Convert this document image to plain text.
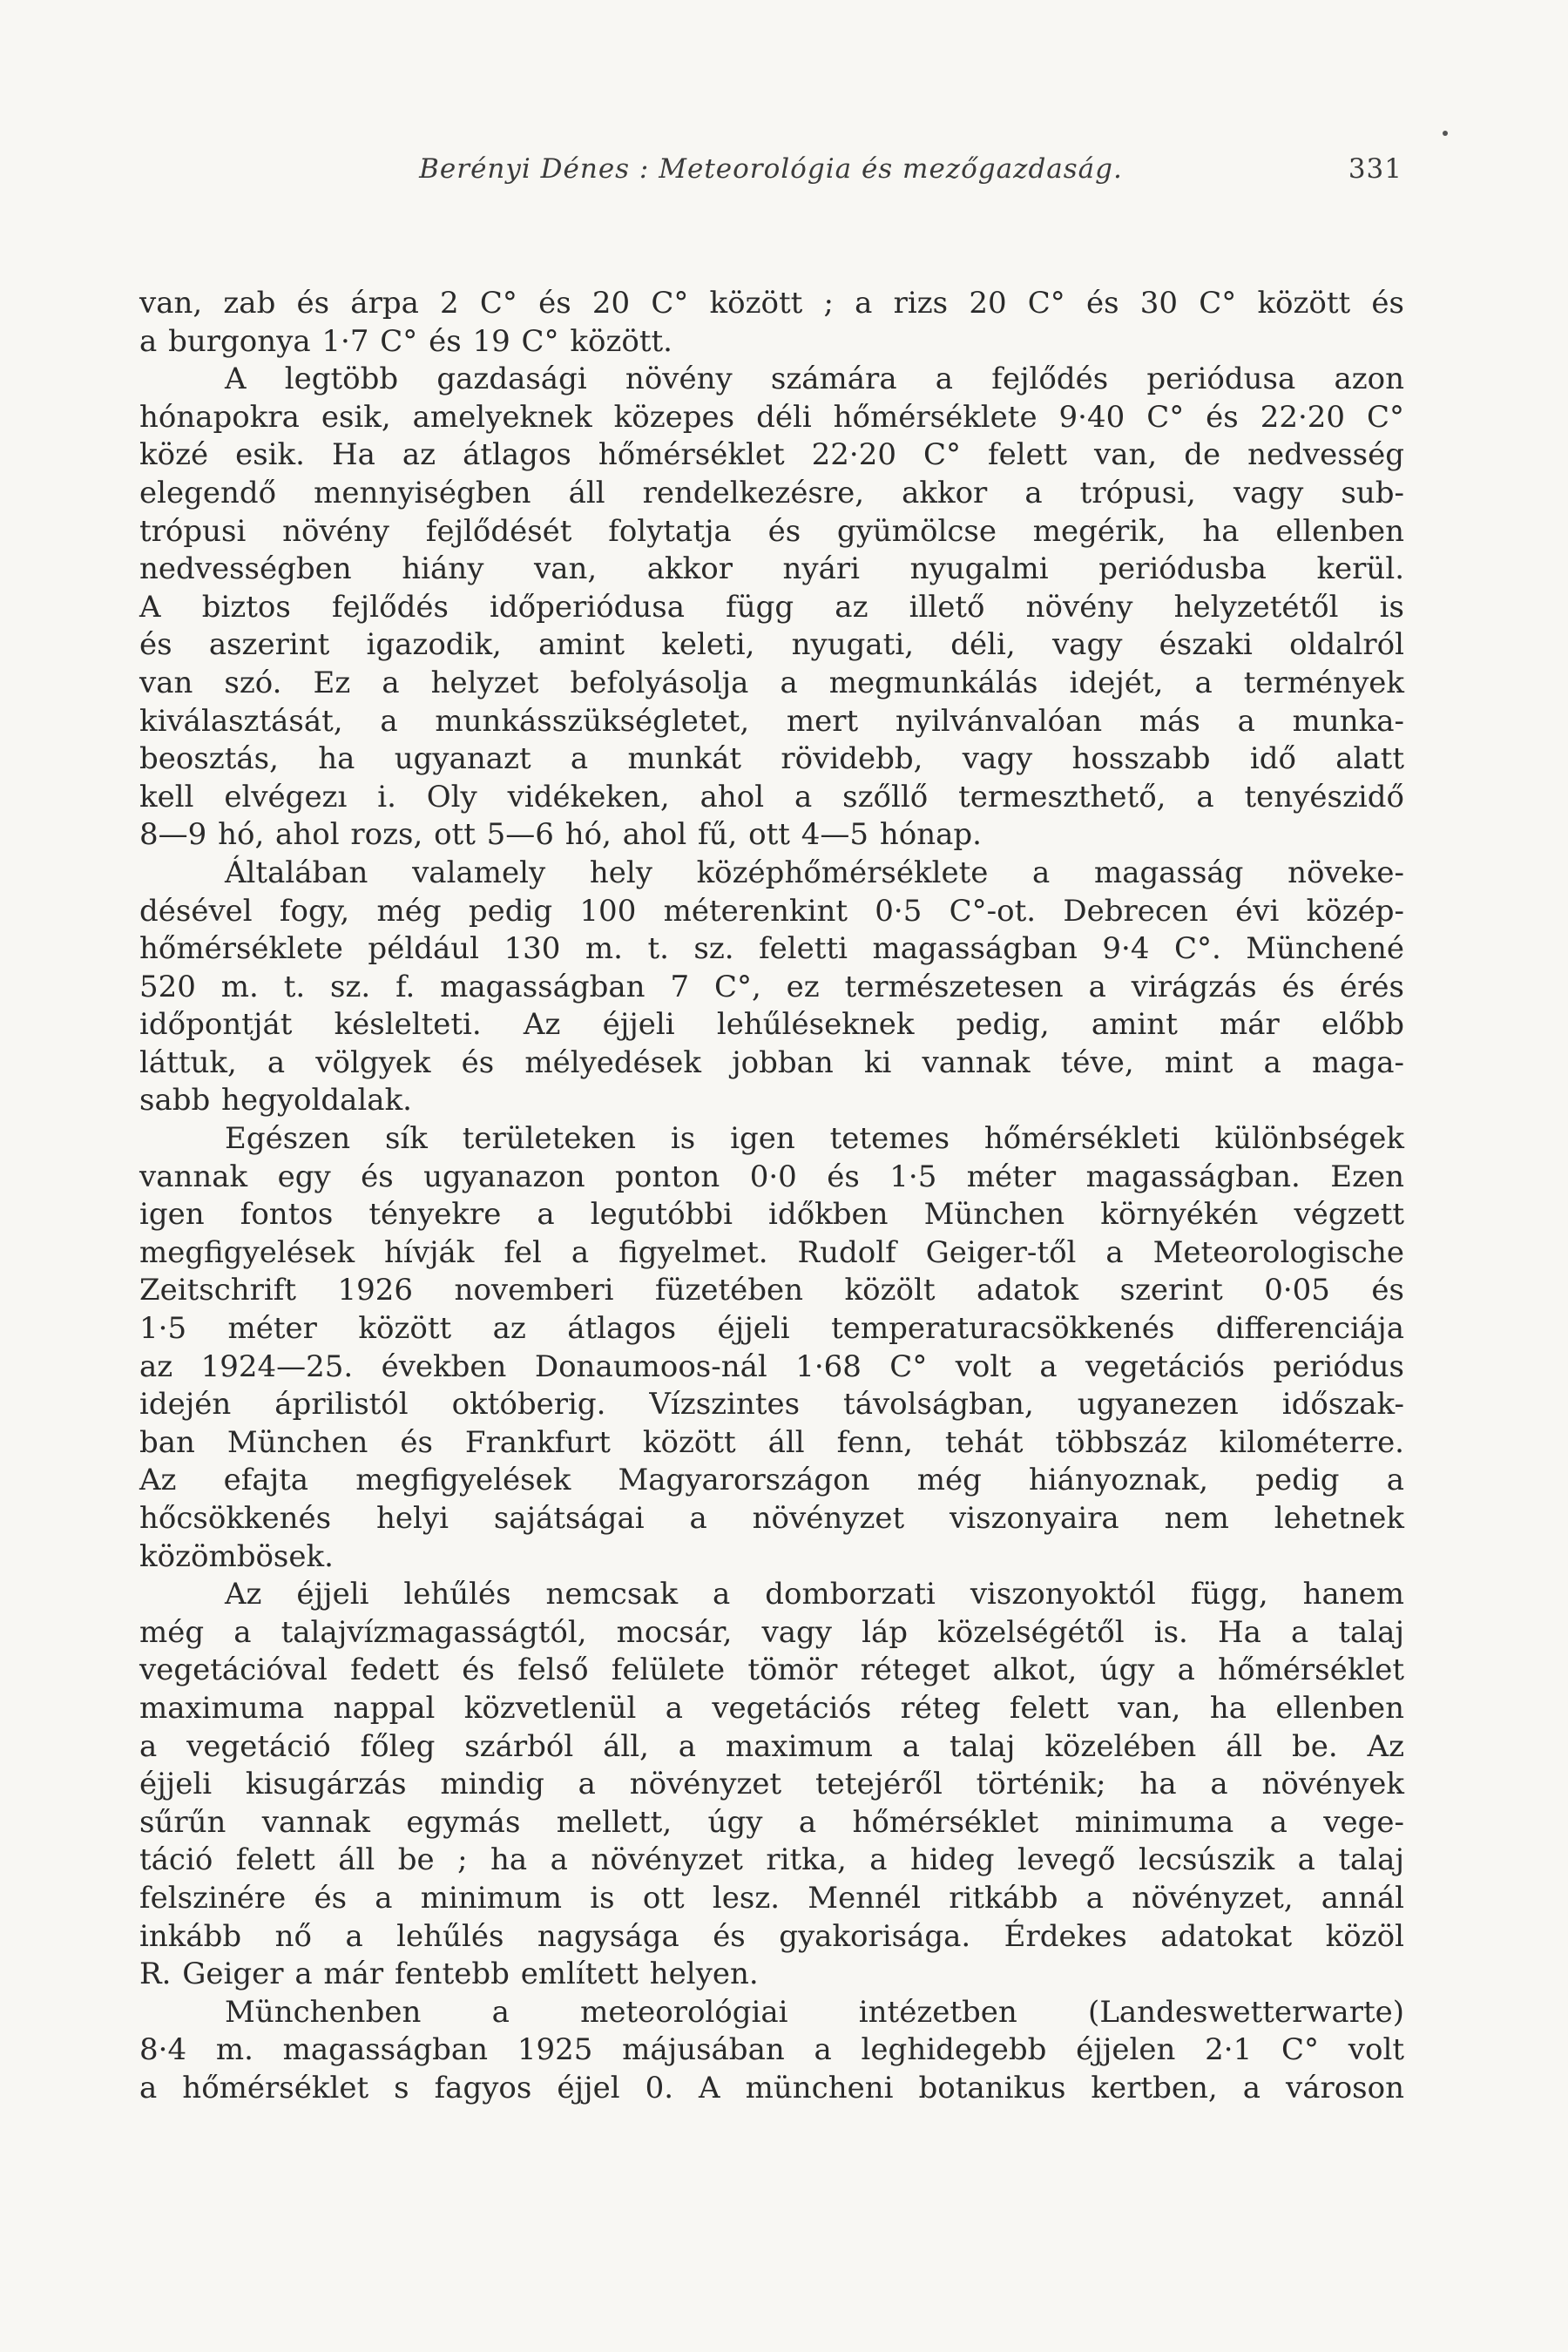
Berényi Dénes : Meteorológia és mezőgazdaság.	331
van, zab és árpa 2 C° és 20 C° között ; a rizs 20 C° és 30 C° között és
a burgonya 1·7 C° és 19 C° között.
A legtöbb gazdasági növény számára a fejlődés periódusa azon
hónapokra esik, amelyeknek közepes déli hőmérséklete 9·40 C° és 22·20 C°
közé esik. Ha az átlagos hőmérséklet 22·20 C° felett van, de nedvesség
elegendő mennyiségben áll rendelkezésre, akkor a trópusi, vagy sub-
trópusi növény fejlődését folytatja és gyümölcse megérik, ha ellenben
nedvességben hiány van, akkor nyári nyugalmi periódusba kerül.
A biztos fejlődés időperiódusa függ az illető növény helyzetétől is
és aszerint igazodik, amint keleti, nyugati, déli, vagy északi oldalról
van szó. Ez a helyzet befolyásolja a megmunkálás idejét, a termények
kiválasztását, a munkásszükségletet, mert nyilvánvalóan más a munka-
beosztás, ha ugyanazt a munkát rövidebb, vagy hosszabb idő alatt
kell elvégezı i. Oly vidékeken, ahol a szőllő termeszthető, a tenyészidő
8—9 hó, ahol rozs, ott 5—6 hó, ahol fű, ott 4—5 hónap.
Általában valamely hely középhőmérséklete a magasság növeke-
désével fogy, még pedig 100 méterenkint 0·5 C°-ot. Debrecen évi közép-
hőmérséklete például 130 m. t. sz. feletti magasságban 9·4 C°. Münchené
520 m. t. sz. f. magasságban 7 C°, ez természetesen a virágzás és érés
időpontját késlelteti. Az éjjeli lehűléseknek pedig, amint már előbb
láttuk, a völgyek és mélyedések jobban ki vannak téve, mint a maga-
sabb hegyoldalak.
Egészen sík területeken is igen tetemes hőmérsékleti különbségek
vannak egy és ugyanazon ponton 0·0 és 1·5 méter magasságban. Ezen
igen fontos tényekre a legutóbbi időkben München környékén végzett
megfigyelések hívják fel a figyelmet. Rudolf Geiger-től a Meteorologische
Zeitschrift 1926 novemberi füzetében közölt adatok szerint 0·05 és
1·5 méter között az átlagos éjjeli temperaturacsökkenés differenciája
az 1924—25. években Donaumoos-nál 1·68 C° volt a vegetációs periódus
idején áprilistól októberig. Vízszintes távolságban, ugyanezen időszak-
ban München és Frankfurt között áll fenn, tehát többszáz kilométerre.
Az efajta megfigyelések Magyarországon még hiányoznak, pedig a
hőcsökkenés helyi sajátságai a növényzet viszonyaira nem lehetnek
közömbösek.
Az éjjeli lehűlés nemcsak a domborzati viszonyoktól függ, hanem
még a talajvízmagasságtól, mocsár, vagy láp közelségétől is. Ha a talaj
vegetációval fedett és felső felülete tömör réteget alkot, úgy a hőmérséklet
maximuma nappal közvetlenül a vegetációs réteg felett van, ha ellenben
a vegetáció főleg szárból áll, a maximum a talaj közelében áll be. Az
éjjeli kisugárzás mindig a növényzet tetejéről történik; ha a növények
sűrűn vannak egymás mellett, úgy a hőmérséklet minimuma a vege-
táció felett áll be ; ha a növényzet ritka, a hideg levegő lecsúszik a talaj
felszinére és a minimum is ott lesz. Mennél ritkább a növényzet, annál
inkább nő a lehűlés nagysága és gyakorisága. Érdekes adatokat közöl
R. Geiger a már fentebb említett helyen.
Münchenben a meteorológiai intézetben (Landeswetterwarte)
8·4 m. magasságban 1925 májusában a leghidegebb éjjelen 2·1 C° volt
a hőmérséklet s fagyos éjjel 0. A müncheni botanikus kertben, a városon
